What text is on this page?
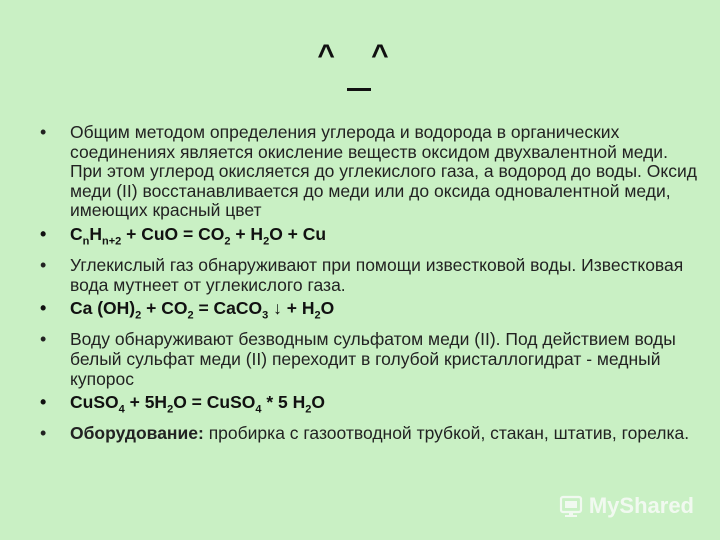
^ ^
• Общим методом определения углерода и водорода в органических соединениях является окисление веществ оксидом двухвалентной меди. При этом углерод окисляется до углекислого газа, а водород до воды. Оксид меди (II) восстанавливается до меди или до оксида одновалентной меди, имеющих красный цвет
• $C_nH_{n+2}$ + CuO = $CO_2 + H_2O + Cu$
• Углекислый газ обнаруживают при помощи известковой воды. Известковая вода мутнеет от углекислого газа.
• Ca $(OH)_2 + CO_2$ = CaCO$_3$ ↓ + $H_2O$
• Воду обнаруживают безводным сульфатом меди (II). Под действием воды белый сульфат меди (II) переходит в голубой кристаллогидрат - медный купорос
• CuSO$_4$ + $5H_2O$ = CuSO$_4$ * 5 $H_2O$
• Оборудование: пробирка с газоотводной трубкой, стакан, штатив, горелка.
MyShared
